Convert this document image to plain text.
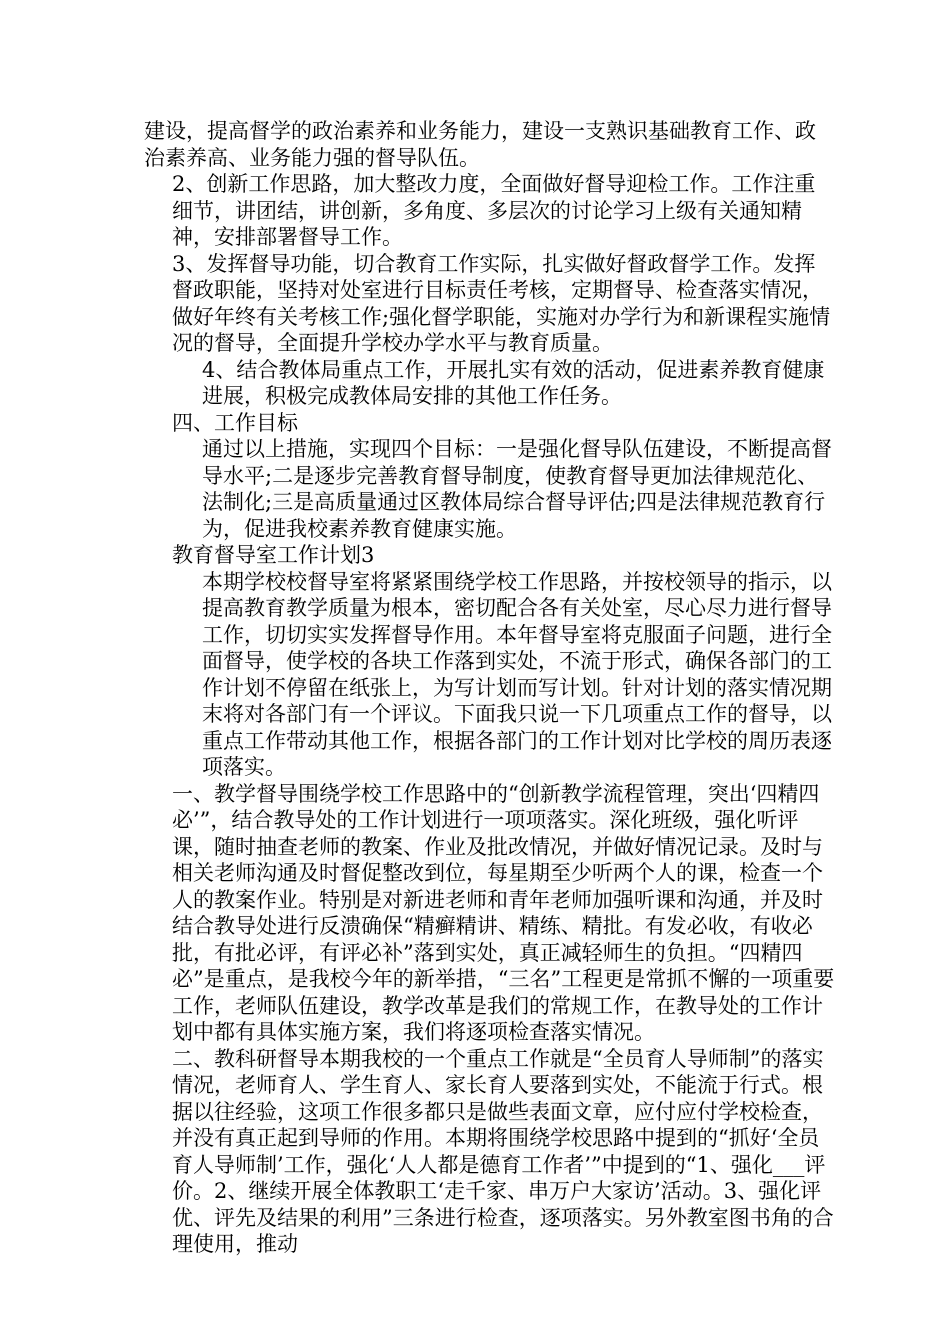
建设，提高督学的政治素养和业务能力，建设一支熟识基础教育工作、政治素养高、业务能力强的督导队伍。

2、创新工作思路，加大整改力度，全面做好督导迎检工作。工作注重细节，讲团结，讲创新，多角度、多层次的讨论学习上级有关通知精神，安排部署督导工作。

3、发挥督导功能，切合教育工作实际，扎实做好督政督学工作。发挥督政职能，坚持对处室进行目标责任考核，定期督导、检查落实情况，做好年终有关考核工作;强化督学职能，实施对办学行为和新课程实施情况的督导，全面提升学校办学水平与教育质量。

4、结合教体局重点工作，开展扎实有效的活动，促进素养教育健康进展，积极完成教体局安排的其他工作任务。

四、工作目标

通过以上措施，实现四个目标：一是强化督导队伍建设，不断提高督导水平;二是逐步完善教育督导制度，使教育督导更加法律规范化、法制化;三是高质量通过区教体局综合督导评估;四是法律规范教育行为，促进我校素养教育健康实施。

教育督导室工作计划3

本期学校校督导室将紧紧围绕学校工作思路，并按校领导的指示，以提高教育教学质量为根本，密切配合各有关处室，尽心尽力进行督导工作，切切实实发挥督导作用。本年督导室将克服面子问题，进行全面督导，使学校的各块工作落到实处，不流于形式，确保各部门的工作计划不停留在纸张上，为写计划而写计划。针对计划的落实情况期末将对各部门有一个评议。下面我只说一下几项重点工作的督导，以重点工作带动其他工作，根据各部门的工作计划对比学校的周历表逐项落实。

一、教学督导围绕学校工作思路中的“创新教学流程管理，突出‘四精四必’”，结合教导处的工作计划进行一项项落实。深化班级，强化听评课，随时抽查老师的教案、作业及批改情况，并做好情况记录。及时与相关老师沟通及时督促整改到位，每星期至少听两个人的课，检查一个人的教案作业。特别是对新进老师和青年老师加强听课和沟通，并及时结合教导处进行反溃确保“精癣精讲、精练、精批。有发必收，有收必批，有批必评，有评必补”落到实处，真正减轻师生的负担。“四精四必”是重点，是我校今年的新举措，“三名”工程更是常抓不懈的一项重要工作，老师队伍建设，教学改革是我们的常规工作，在教导处的工作计划中都有具体实施方案，我们将逐项检查落实情况。

二、教科研督导本期我校的一个重点工作就是“全员育人导师制”的落实情况，老师育人、学生育人、家长育人要落到实处，不能流于行式。根据以往经验，这项工作很多都只是做些表面文章，应付应付学校检查，并没有真正起到导师的作用。本期将围绕学校思路中提到的“抓好‘全员育人导师制’工作，强化‘人人都是德育工作者’”中提到的“1、强化___评价。2、继续开展全体教职工‘走千家、串万户大家访’活动。3、强化评优、评先及结果的利用”三条进行检查，逐项落实。另外教室图书角的合理使用，推动
